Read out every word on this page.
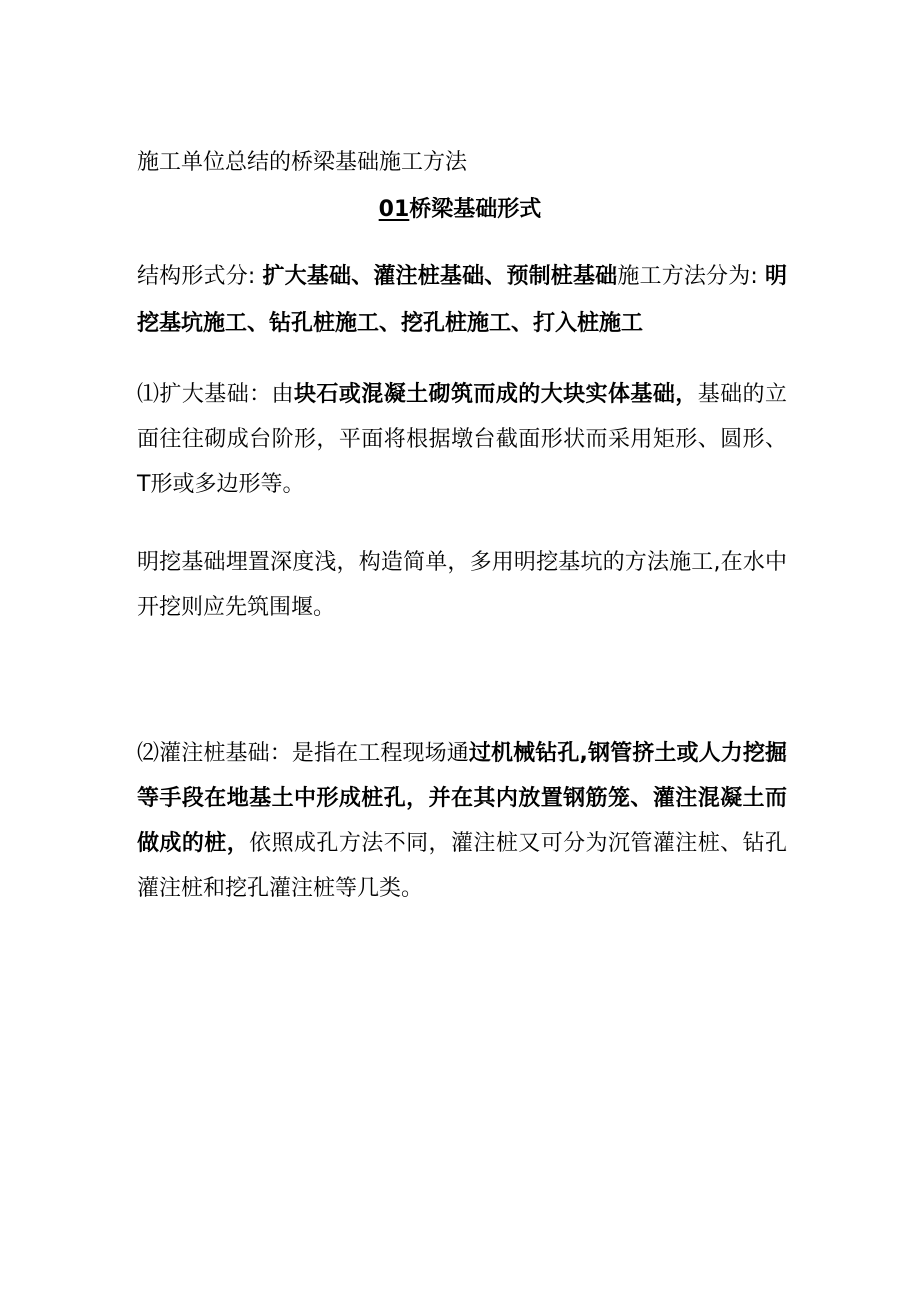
施工单位总结的桥梁基础施工方法
01桥梁基础形式
结构形式分: 扩大基础、灌注桩基础、预制桩基础施工方法分为: 明挖基坑施工、钻孔桩施工、挖孔桩施工、打入桩施工
⑴扩大基础：由块石或混凝土砌筑而成的大块实体基础，基础的立面往往砌成台阶形，平面将根据墩台截面形状而采用矩形、圆形、T形或多边形等。
明挖基础埋置深度浅，构造简单，多用明挖基坑的方法施工,在水中开挖则应先筑围堰。
⑵灌注桩基础：是指在工程现场通过机械钻孔,钢管挤土或人力挖掘等手段在地基土中形成桩孔，并在其内放置钢筋笼、灌注混凝土而做成的桩，依照成孔方法不同，灌注桩又可分为沉管灌注桩、钻孔灌注桩和挖孔灌注桩等几类。
